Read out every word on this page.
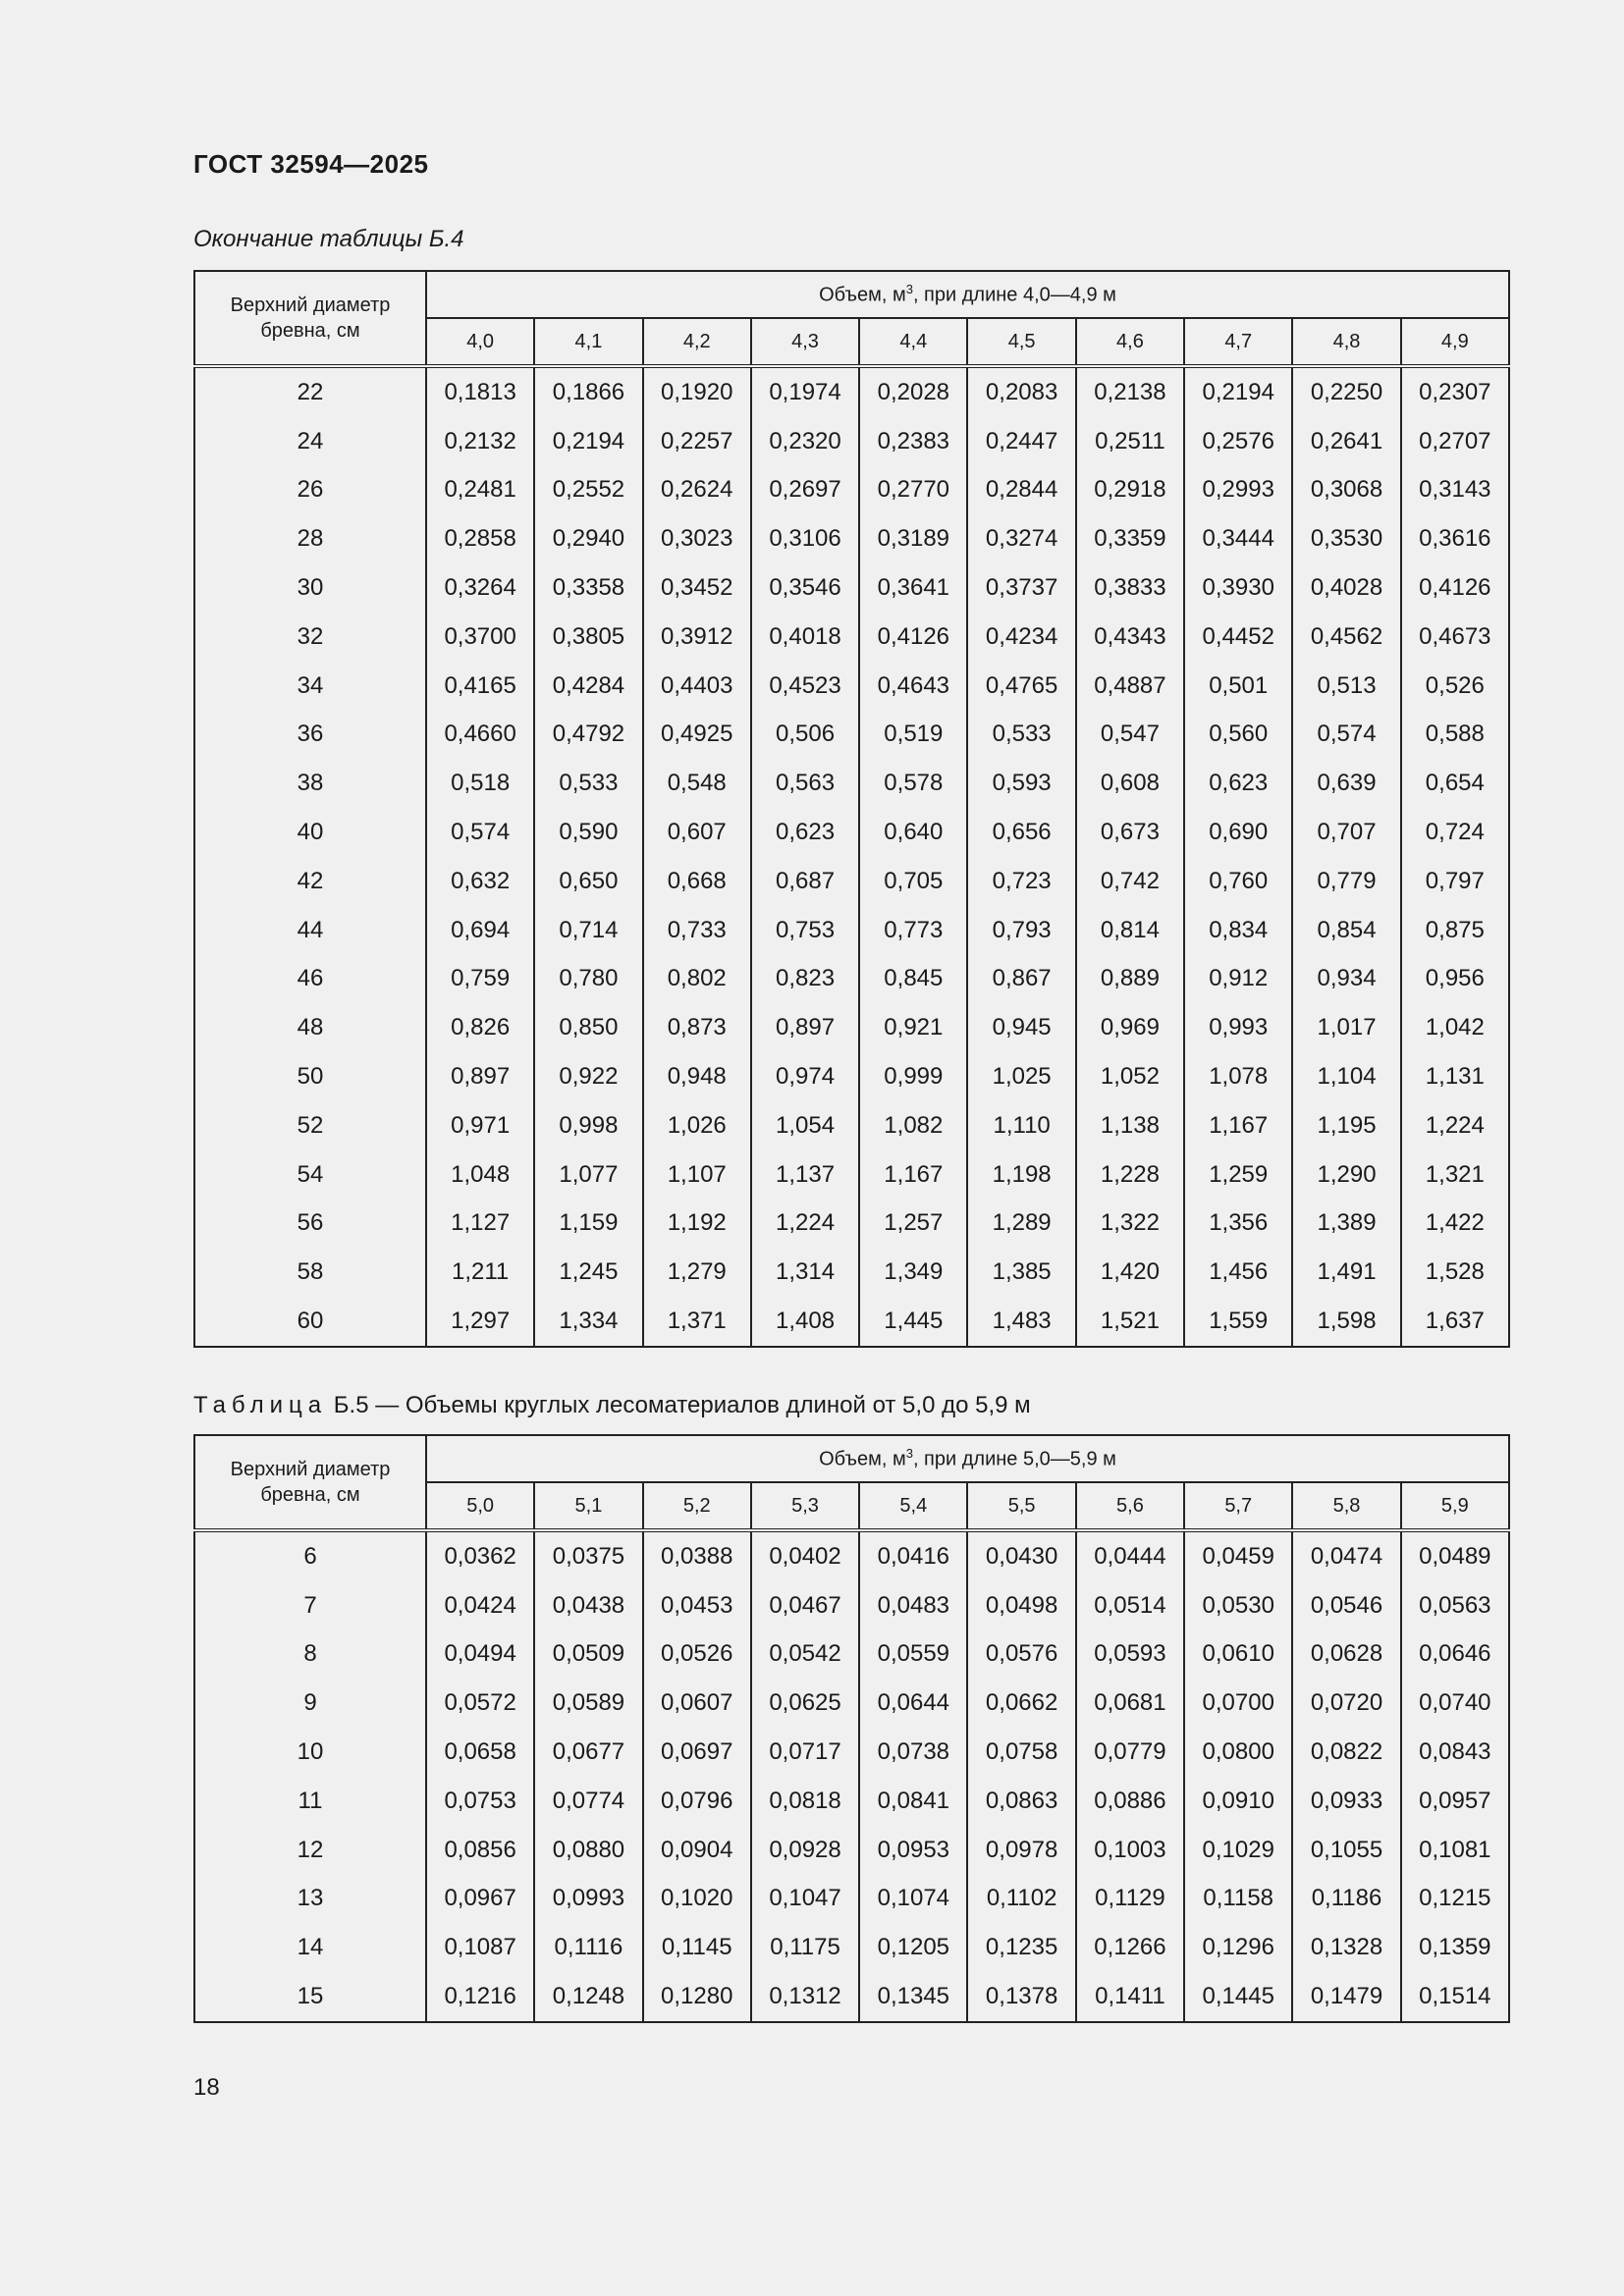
ГОСТ 32594—2025
Окончание таблицы Б.4
Верхний диаметр бревна, см	Объем, $м^3$, при длине 4,0—4,9 м									
	4,0	4,1	4,2	4,3	4,4	4,5	4,6	4,7	4,8	4,9
22	0,1813	0,1866	0,1920	0,1974	0,2028	0,2083	0,2138	0,2194	0,2250	0,2307
24	0,2132	0,2194	0,2257	0,2320	0,2383	0,2447	0,2511	0,2576	0,2641	0,2707
26	0,2481	0,2552	0,2624	0,2697	0,2770	0,2844	0,2918	0,2993	0,3068	0,3143
28	0,2858	0,2940	0,3023	0,3106	0,3189	0,3274	0,3359	0,3444	0,3530	0,3616
30	0,3264	0,3358	0,3452	0,3546	0,3641	0,3737	0,3833	0,3930	0,4028	0,4126
32	0,3700	0,3805	0,3912	0,4018	0,4126	0,4234	0,4343	0,4452	0,4562	0,4673
34	0,4165	0,4284	0,4403	0,4523	0,4643	0,4765	0,4887	0,501	0,513	0,526
36	0,4660	0,4792	0,4925	0,506	0,519	0,533	0,547	0,560	0,574	0,588
38	0,518	0,533	0,548	0,563	0,578	0,593	0,608	0,623	0,639	0,654
40	0,574	0,590	0,607	0,623	0,640	0,656	0,673	0,690	0,707	0,724
42	0,632	0,650	0,668	0,687	0,705	0,723	0,742	0,760	0,779	0,797
44	0,694	0,714	0,733	0,753	0,773	0,793	0,814	0,834	0,854	0,875
46	0,759	0,780	0,802	0,823	0,845	0,867	0,889	0,912	0,934	0,956
48	0,826	0,850	0,873	0,897	0,921	0,945	0,969	0,993	1,017	1,042
50	0,897	0,922	0,948	0,974	0,999	1,025	1,052	1,078	1,104	1,131
52	0,971	0,998	1,026	1,054	1,082	1,110	1,138	1,167	1,195	1,224
54	1,048	1,077	1,107	1,137	1,167	1,198	1,228	1,259	1,290	1,321
56	1,127	1,159	1,192	1,224	1,257	1,289	1,322	1,356	1,389	1,422
58	1,211	1,245	1,279	1,314	1,349	1,385	1,420	1,456	1,491	1,528
60	1,297	1,334	1,371	1,408	1,445	1,483	1,521	1,559	1,598	1,637
Таблица Б.5 — Объемы круглых лесоматериалов длиной от 5,0 до 5,9 м
Верхний диаметр бревна, см	Объем, $м^3$, при длине 5,0—5,9 м									
	5,0	5,1	5,2	5,3	5,4	5,5	5,6	5,7	5,8	5,9
6	0,0362	0,0375	0,0388	0,0402	0,0416	0,0430	0,0444	0,0459	0,0474	0,0489
7	0,0424	0,0438	0,0453	0,0467	0,0483	0,0498	0,0514	0,0530	0,0546	0,0563
8	0,0494	0,0509	0,0526	0,0542	0,0559	0,0576	0,0593	0,0610	0,0628	0,0646
9	0,0572	0,0589	0,0607	0,0625	0,0644	0,0662	0,0681	0,0700	0,0720	0,0740
10	0,0658	0,0677	0,0697	0,0717	0,0738	0,0758	0,0779	0,0800	0,0822	0,0843
11	0,0753	0,0774	0,0796	0,0818	0,0841	0,0863	0,0886	0,0910	0,0933	0,0957
12	0,0856	0,0880	0,0904	0,0928	0,0953	0,0978	0,1003	0,1029	0,1055	0,1081
13	0,0967	0,0993	0,1020	0,1047	0,1074	0,1102	0,1129	0,1158	0,1186	0,1215
14	0,1087	0,1116	0,1145	0,1175	0,1205	0,1235	0,1266	0,1296	0,1328	0,1359
15	0,1216	0,1248	0,1280	0,1312	0,1345	0,1378	0,1411	0,1445	0,1479	0,1514
18
